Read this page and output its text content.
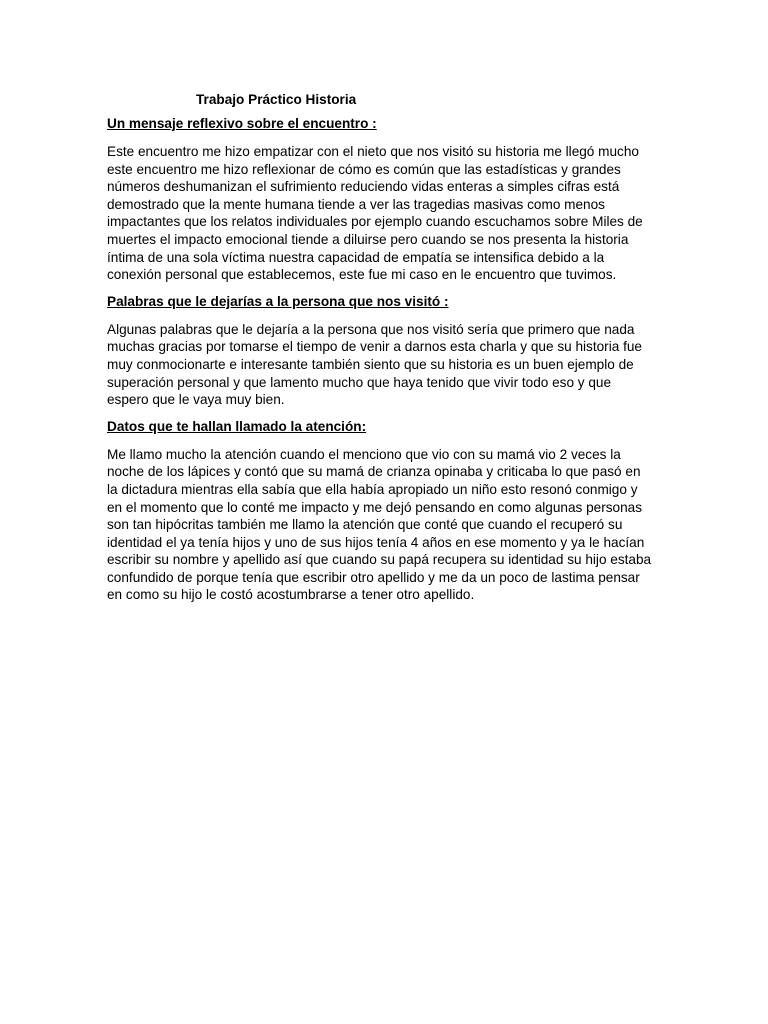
Trabajo Práctico Historia
Un mensaje reflexivo sobre el encuentro :
Este encuentro me hizo empatizar con el nieto que nos visitó su historia me llegó mucho
este encuentro me hizo reflexionar de cómo es común que las estadísticas y grandes
números deshumanizan el sufrimiento reduciendo vidas enteras a simples cifras está
demostrado que la mente humana tiende a ver las tragedias masivas como menos
impactantes que los relatos individuales por ejemplo cuando escuchamos sobre Miles de
muertes el impacto emocional tiende a diluirse pero cuando se nos presenta la historia
íntima de una sola víctima nuestra capacidad de empatía se intensifica debido a la
conexión personal que establecemos, este fue mi caso en le encuentro que tuvimos.
Palabras que le dejarías a la persona que nos visitó :
Algunas palabras que le dejaría a la persona que nos visitó sería que primero que nada
muchas gracias por tomarse el tiempo de venir a darnos esta charla y que su historia fue
muy conmocionarte e interesante también siento que su historia es un buen ejemplo de
superación personal y que lamento mucho que haya tenido que vivir todo eso y que
espero que le vaya muy bien.
Datos que te hallan llamado la atención:
Me llamo mucho la atención cuando el menciono que vio con su mamá vio 2 veces la
noche de los lápices y contó que su mamá de crianza opinaba y criticaba lo que pasó en
la dictadura mientras ella sabía que ella había apropiado un niño esto resonó conmigo y
en el momento que lo conté me impacto y me dejó pensando en como algunas personas
son tan hipócritas también me llamo la atención que conté que cuando el recuperó su
identidad el ya tenía hijos y uno de sus hijos tenía 4 años en ese momento y ya le hacían
escribir su nombre y apellido así que cuando su papá recupera su identidad su hijo estaba
confundido de porque tenía que escribir otro apellido y me da un poco de lastima pensar
en como su hijo le costó acostumbrarse a tener otro apellido.
